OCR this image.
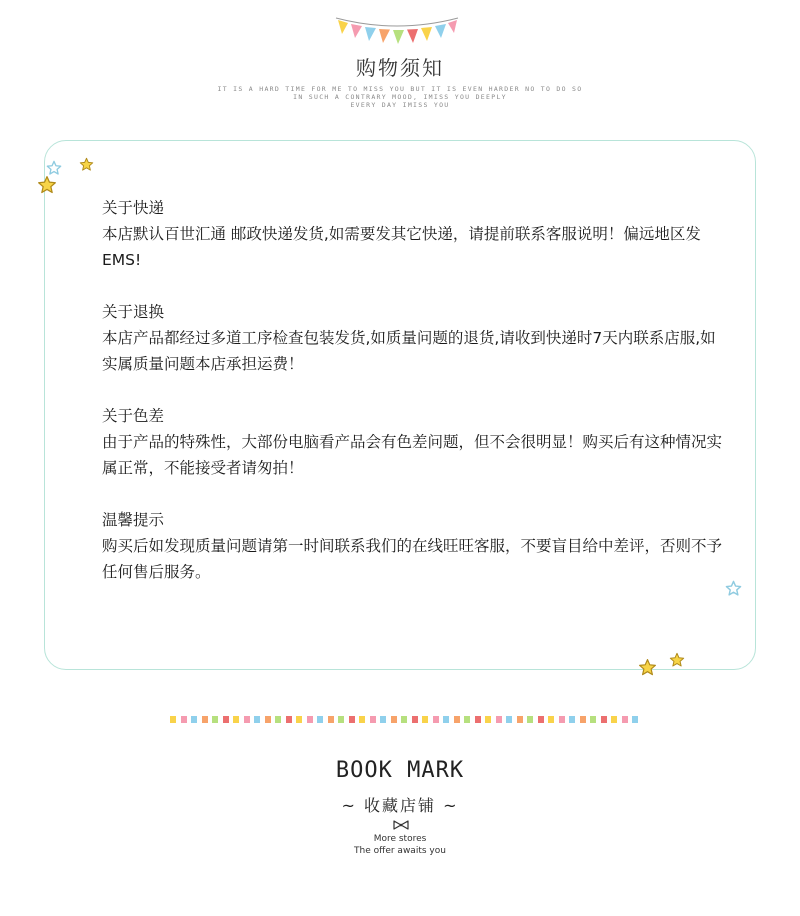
购物须知
IT IS A HARD TIME FOR ME TO MISS YOU BUT IT IS EVEN HARDER NO TO DO SO
IN SUCH A CONTRARY MOOD, IMISS YOU DEEPLY
EVERY DAY IMISS YOU
关于快递
本店默认百世汇通 邮政快递发货,如需要发其它快递，请提前联系客服说明！偏远地区发EMS!
关于退换
本店产品都经过多道工序检查包装发货,如质量问题的退货,请收到快递时7天内联系店服,如实属质量问题本店承担运费！
关于色差
由于产品的特殊性，大部份电脑看产品会有色差问题，但不会很明显！购买后有这种情况实属正常，不能接受者请匆拍！
温馨提示
购买后如发现质量问题请第一时间联系我们的在线旺旺客服，不要盲目给中差评，否则不予任何售后服务。
BOOK MARK
~ 收藏店铺 ~
More stores
The offer awaits you
